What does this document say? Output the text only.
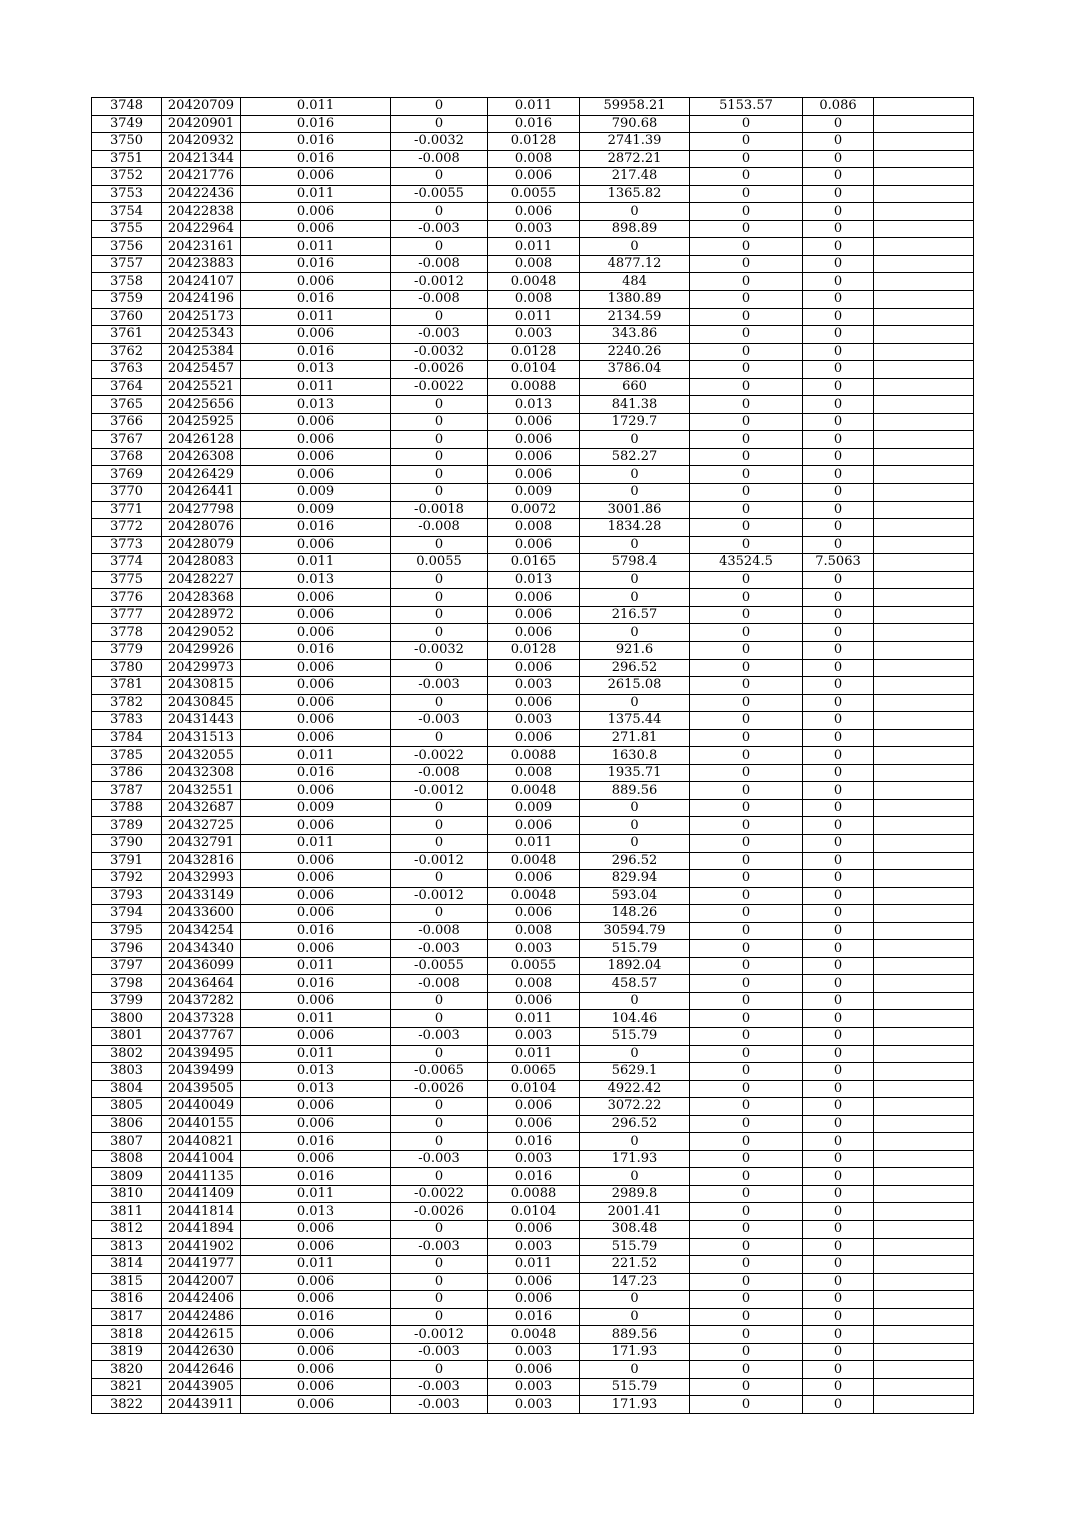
3748	20420709	0.011	0	0.011	59958.21	5153.57	0.086	
3749	20420901	0.016	0	0.016	790.68	0	0	
3750	20420932	0.016	-0.0032	0.0128	2741.39	0	0	
3751	20421344	0.016	-0.008	0.008	2872.21	0	0	
3752	20421776	0.006	0	0.006	217.48	0	0	
3753	20422436	0.011	-0.0055	0.0055	1365.82	0	0	
3754	20422838	0.006	0	0.006	0	0	0	
3755	20422964	0.006	-0.003	0.003	898.89	0	0	
3756	20423161	0.011	0	0.011	0	0	0	
3757	20423883	0.016	-0.008	0.008	4877.12	0	0	
3758	20424107	0.006	-0.0012	0.0048	484	0	0	
3759	20424196	0.016	-0.008	0.008	1380.89	0	0	
3760	20425173	0.011	0	0.011	2134.59	0	0	
3761	20425343	0.006	-0.003	0.003	343.86	0	0	
3762	20425384	0.016	-0.0032	0.0128	2240.26	0	0	
3763	20425457	0.013	-0.0026	0.0104	3786.04	0	0	
3764	20425521	0.011	-0.0022	0.0088	660	0	0	
3765	20425656	0.013	0	0.013	841.38	0	0	
3766	20425925	0.006	0	0.006	1729.7	0	0	
3767	20426128	0.006	0	0.006	0	0	0	
3768	20426308	0.006	0	0.006	582.27	0	0	
3769	20426429	0.006	0	0.006	0	0	0	
3770	20426441	0.009	0	0.009	0	0	0	
3771	20427798	0.009	-0.0018	0.0072	3001.86	0	0	
3772	20428076	0.016	-0.008	0.008	1834.28	0	0	
3773	20428079	0.006	0	0.006	0	0	0	
3774	20428083	0.011	0.0055	0.0165	5798.4	43524.5	7.5063	
3775	20428227	0.013	0	0.013	0	0	0	
3776	20428368	0.006	0	0.006	0	0	0	
3777	20428972	0.006	0	0.006	216.57	0	0	
3778	20429052	0.006	0	0.006	0	0	0	
3779	20429926	0.016	-0.0032	0.0128	921.6	0	0	
3780	20429973	0.006	0	0.006	296.52	0	0	
3781	20430815	0.006	-0.003	0.003	2615.08	0	0	
3782	20430845	0.006	0	0.006	0	0	0	
3783	20431443	0.006	-0.003	0.003	1375.44	0	0	
3784	20431513	0.006	0	0.006	271.81	0	0	
3785	20432055	0.011	-0.0022	0.0088	1630.8	0	0	
3786	20432308	0.016	-0.008	0.008	1935.71	0	0	
3787	20432551	0.006	-0.0012	0.0048	889.56	0	0	
3788	20432687	0.009	0	0.009	0	0	0	
3789	20432725	0.006	0	0.006	0	0	0	
3790	20432791	0.011	0	0.011	0	0	0	
3791	20432816	0.006	-0.0012	0.0048	296.52	0	0	
3792	20432993	0.006	0	0.006	829.94	0	0	
3793	20433149	0.006	-0.0012	0.0048	593.04	0	0	
3794	20433600	0.006	0	0.006	148.26	0	0	
3795	20434254	0.016	-0.008	0.008	30594.79	0	0	
3796	20434340	0.006	-0.003	0.003	515.79	0	0	
3797	20436099	0.011	-0.0055	0.0055	1892.04	0	0	
3798	20436464	0.016	-0.008	0.008	458.57	0	0	
3799	20437282	0.006	0	0.006	0	0	0	
3800	20437328	0.011	0	0.011	104.46	0	0	
3801	20437767	0.006	-0.003	0.003	515.79	0	0	
3802	20439495	0.011	0	0.011	0	0	0	
3803	20439499	0.013	-0.0065	0.0065	5629.1	0	0	
3804	20439505	0.013	-0.0026	0.0104	4922.42	0	0	
3805	20440049	0.006	0	0.006	3072.22	0	0	
3806	20440155	0.006	0	0.006	296.52	0	0	
3807	20440821	0.016	0	0.016	0	0	0	
3808	20441004	0.006	-0.003	0.003	171.93	0	0	
3809	20441135	0.016	0	0.016	0	0	0	
3810	20441409	0.011	-0.0022	0.0088	2989.8	0	0	
3811	20441814	0.013	-0.0026	0.0104	2001.41	0	0	
3812	20441894	0.006	0	0.006	308.48	0	0	
3813	20441902	0.006	-0.003	0.003	515.79	0	0	
3814	20441977	0.011	0	0.011	221.52	0	0	
3815	20442007	0.006	0	0.006	147.23	0	0	
3816	20442406	0.006	0	0.006	0	0	0	
3817	20442486	0.016	0	0.016	0	0	0	
3818	20442615	0.006	-0.0012	0.0048	889.56	0	0	
3819	20442630	0.006	-0.003	0.003	171.93	0	0	
3820	20442646	0.006	0	0.006	0	0	0	
3821	20443905	0.006	-0.003	0.003	515.79	0	0	
3822	20443911	0.006	-0.003	0.003	171.93	0	0	
